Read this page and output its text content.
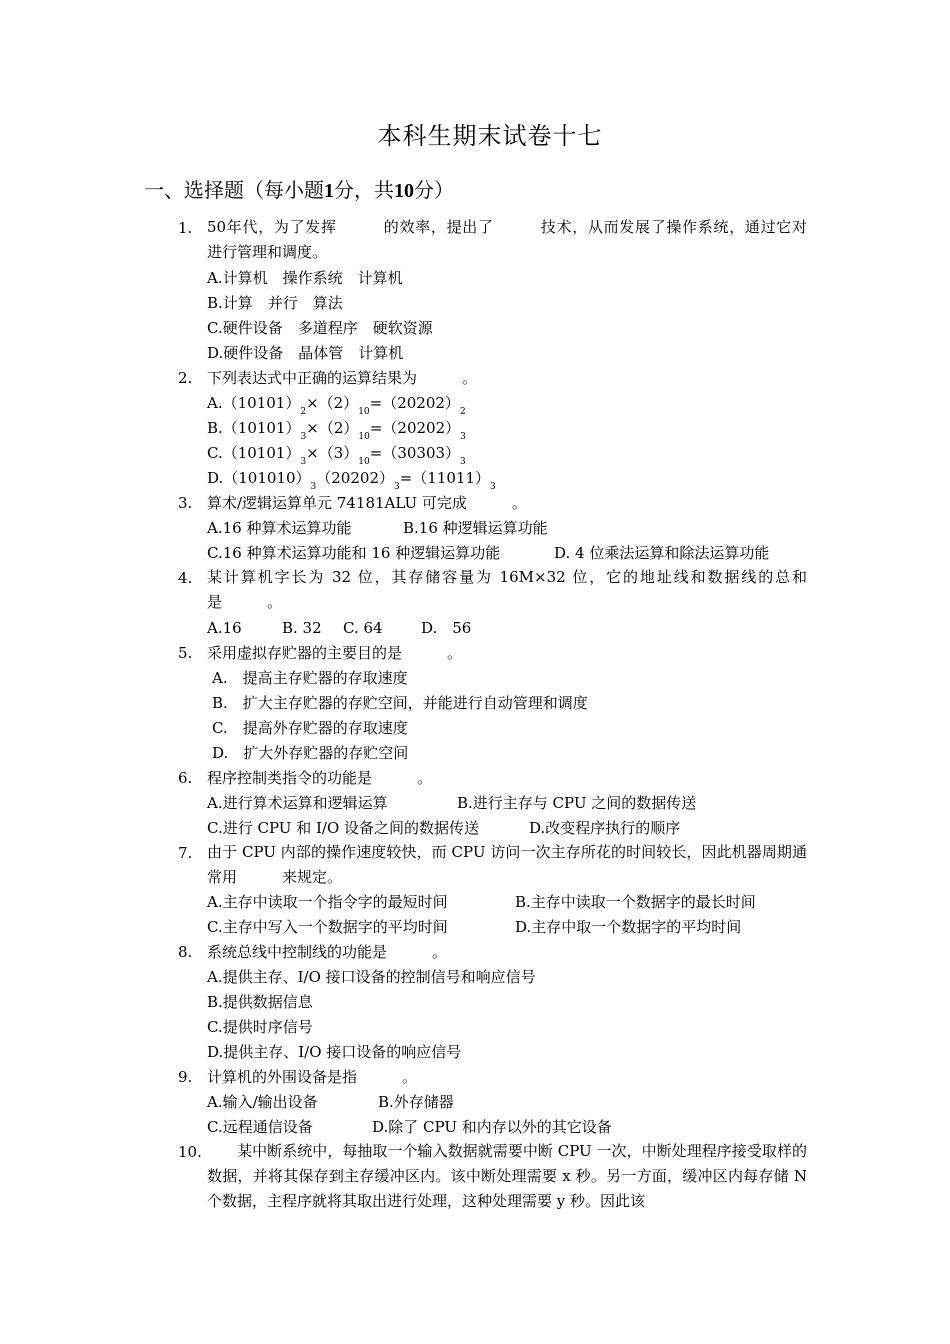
本科生期末试卷十七
一、选择题（每小题1分，共10分）
1. 50年代，为了发挥　　　的效率，提出了　　　技术，从而发展了操作系统，通过它对　　　进行管理和调度。
A.计算机　操作系统　计算机
B.计算　并行　算法
C.硬件设备　多道程序　硬软资源
D.硬件设备　晶体管　计算机
2. 下列表达式中正确的运算结果为　　　。
$A.(10101)_2\times(2)_{10}=(20202)_2$
$B.(10101)_3\times(2)_{10}=(20202)_3$
$C.(10101)_3\times(3)_{10}=(30303)_3$
$D.(101010)_3(20202)_3=(11011)_3$
3. 算术/逻辑运算单元 74181ALU 可完成　　　。
A.16 种算术运算功能	B.16 种逻辑运算功能
C.16 种算术运算功能和 16 种逻辑运算功能	D. 4 位乘法运算和除法运算功能
4. 某计算机字长为 32 位，其存储容量为 16M×32 位，它的地址线和数据线的总和是　　　。
A.16	B. 32 C. 64	D.　56
5. 采用虚拟存贮器的主要目的是　　　。
A.　提高主存贮器的存取速度
B.　扩大主存贮器的存贮空间，并能进行自动管理和调度
C.　提高外存贮器的存取速度
D.　扩大外存贮器的存贮空间
6. 程序控制类指令的功能是　　　。
A.进行算术运算和逻辑运算	B.进行主存与 CPU 之间的数据传送
C.进行 CPU 和 I/O 设备之间的数据传送	D.改变程序执行的顺序
7. 由于 CPU 内部的操作速度较快，而 CPU 访问一次主存所花的时间较长，因此机器周期通常用　　　来规定。
A.主存中读取一个指令字的最短时间	B.主存中读取一个数据字的最长时间
C.主存中写入一个数据字的平均时间	D.主存中取一个数据字的平均时间
8. 系统总线中控制线的功能是　　　。
A.提供主存、I/O 接口设备的控制信号和响应信号
B.提供数据信息
C.提供时序信号
D.提供主存、I/O 接口设备的响应信号
9. 计算机的外围设备是指　　　。
A.输入/输出设备	B.外存储器
C.远程通信设备	D.除了 CPU 和内存以外的其它设备
10. 　　某中断系统中，每抽取一个输入数据就需要中断 CPU 一次，中断处理程序接受取样的数据，并将其保存到主存缓冲区内。该中断处理需要 x 秒。另一方面，缓冲区内每存储 N 个数据，主程序就将其取出进行处理，这种处理需要 y 秒。因此该
